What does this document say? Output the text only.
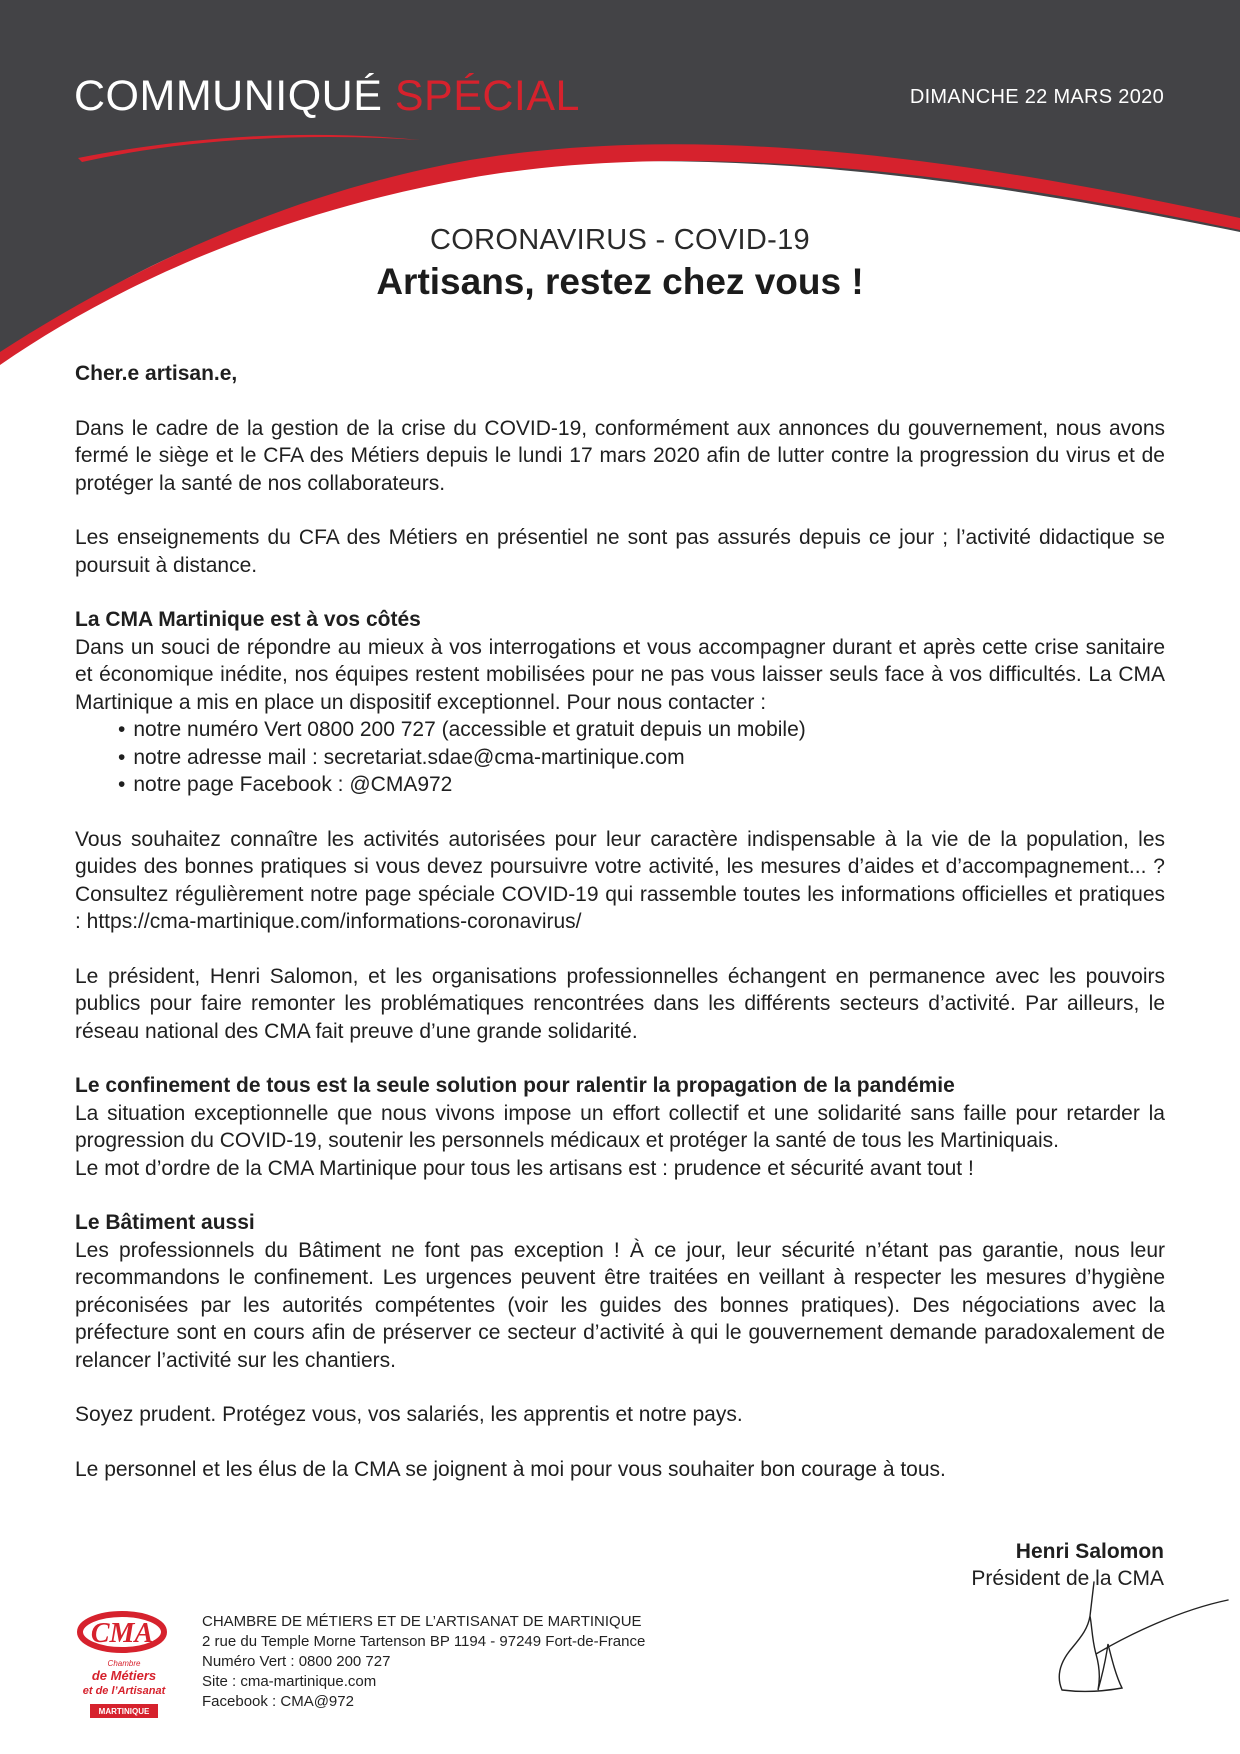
COMMUNIQUÉ SPÉCIAL	DIMANCHE 22 MARS 2020
CORONAVIRUS - COVID-19
Artisans, restez chez vous !

Cher.e artisan.e,

Dans le cadre de la gestion de la crise du COVID-19, conformément aux annonces du gouvernement, nous avons fermé le siège et le CFA des Métiers depuis le lundi 17 mars 2020 afin de lutter contre la progression du virus et de protéger la santé de nos collaborateurs.

Les enseignements du CFA des Métiers en présentiel ne sont pas assurés depuis ce jour ; l’activité didactique se poursuit à distance.

La CMA Martinique est à vos côtés

Dans un souci de répondre au mieux à vos interrogations et vous accompagner durant et après cette crise sanitaire et économique inédite, nos équipes restent mobilisées pour ne pas vous laisser seuls face à vos difficultés. La CMA Martinique a mis en place un dispositif exceptionnel. Pour nous contacter :

• notre numéro Vert 0800 200 727 (accessible et gratuit depuis un mobile)
• notre adresse mail : secretariat.sdae@cma-martinique.com
• notre page Facebook : @CMA972

Vous souhaitez connaître les activités autorisées pour leur caractère indispensable à la vie de la population, les guides des bonnes pratiques si vous devez poursuivre votre activité, les mesures d’aides et d’accompagnement... ? Consultez régulièrement notre page spéciale COVID-19 qui rassemble toutes les informations officielles et pratiques : https://cma-martinique.com/informations-coronavirus/

Le président, Henri Salomon, et les organisations professionnelles échangent en permanence avec les pouvoirs publics pour faire remonter les problématiques rencontrées dans les différents secteurs d’activité. Par ailleurs, le réseau national des CMA fait preuve d’une grande solidarité.

Le confinement de tous est la seule solution pour ralentir la propagation de la pandémie

La situation exceptionnelle que nous vivons impose un effort collectif et une solidarité sans faille pour retarder la progression du COVID-19, soutenir les personnels médicaux et protéger la santé de tous les Martiniquais.

Le mot d’ordre de la CMA Martinique pour tous les artisans est : prudence et sécurité avant tout !

Le Bâtiment aussi

Les professionnels du Bâtiment ne font pas exception ! À ce jour, leur sécurité n’étant pas garantie, nous leur recommandons le confinement. Les urgences peuvent être traitées en veillant à respecter les mesures d’hygiène préconisées par les autorités compétentes (voir les guides des bonnes pratiques). Des négociations avec la préfecture sont en cours afin de préserver ce secteur d’activité à qui le gouvernement demande paradoxalement de relancer l’activité sur les chantiers.

Soyez prudent. Protégez vous, vos salariés, les apprentis et notre pays.

Le personnel et les élus de la CMA se joignent à moi pour vous souhaiter bon courage à tous.

Henri Salomon
Président de la CMA
CMA
Chambre
de Métiers
et de l’Artisanat
MARTINIQUE
CHAMBRE DE MÉTIERS ET DE L’ARTISANAT DE MARTINIQUE
2 rue du Temple Morne Tartenson BP 1194 - 97249 Fort-de-France
Numéro Vert : 0800 200 727
Site : cma-martinique.com
Facebook : CMA@972
